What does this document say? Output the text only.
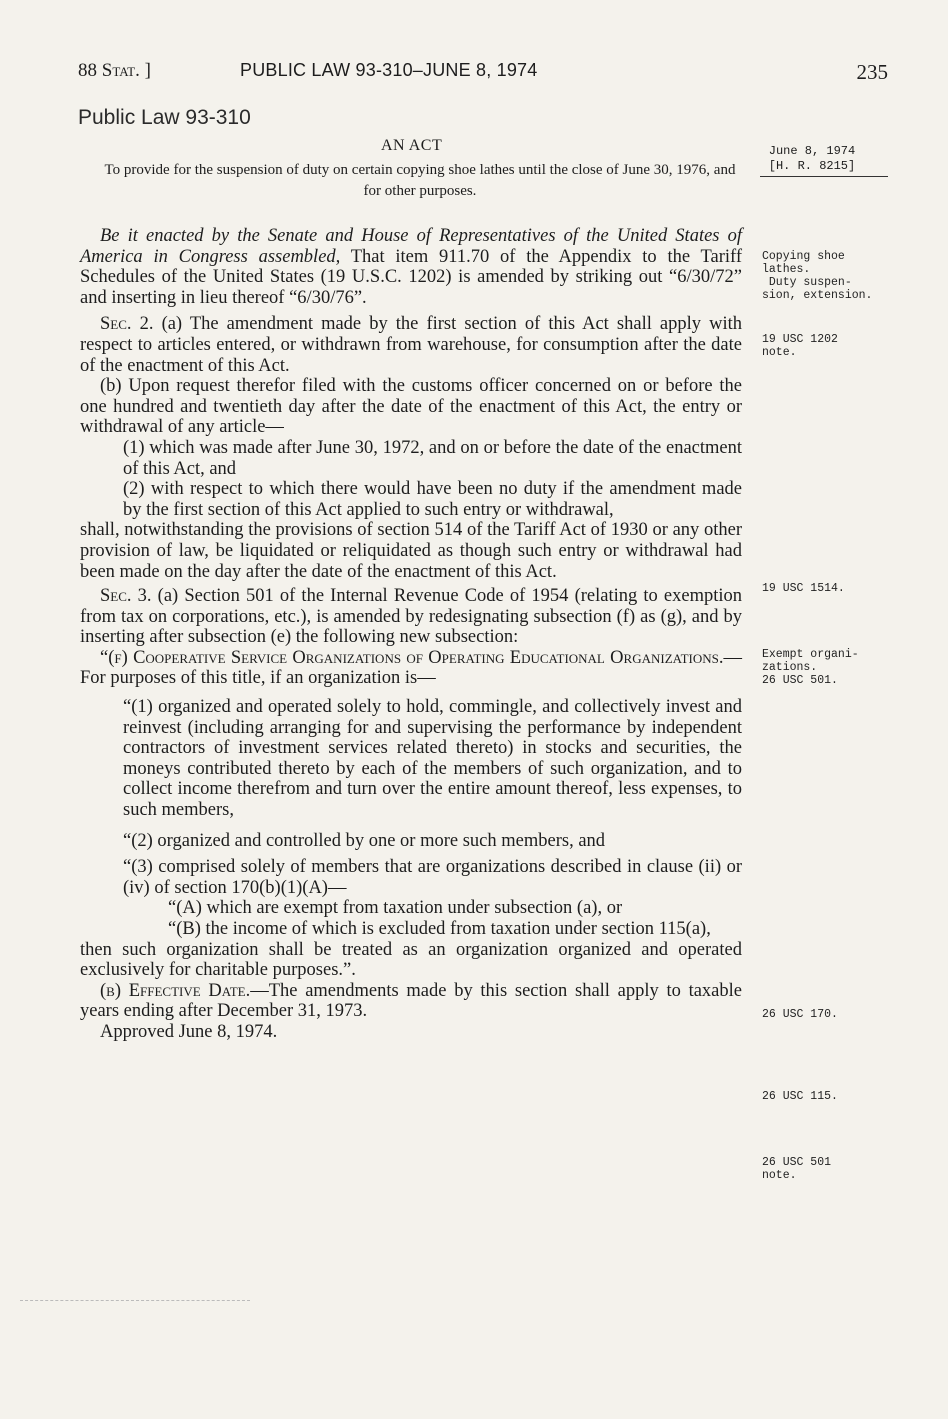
88 Stat. ]	PUBLIC LAW 93-310–JUNE 8, 1974	235
Public Law 93-310
AN ACT
To provide for the suspension of duty on certain copying shoe lathes until the close of June 30, 1976, and for other purposes.
June 8, 1974
[H. R. 8215]

Be it enacted by the Senate and House of Representatives of the United States of America in Congress assembled, That item 911.70 of the Appendix to the Tariff Schedules of the United States (19 U.S.C. 1202) is amended by striking out “6/30/72” and inserting in lieu thereof “6/30/76”.

Sec. 2. (a) The amendment made by the first section of this Act shall apply with respect to articles entered, or withdrawn from warehouse, for consumption after the date of the enactment of this Act.

(b) Upon request therefor filed with the customs officer concerned on or before the one hundred and twentieth day after the date of the enactment of this Act, the entry or withdrawal of any article—

(1) which was made after June 30, 1972, and on or before the date of the enactment of this Act, and

(2) with respect to which there would have been no duty if the amendment made by the first section of this Act applied to such entry or withdrawal,

shall, notwithstanding the provisions of section 514 of the Tariff Act of 1930 or any other provision of law, be liquidated or reliquidated as though such entry or withdrawal had been made on the day after the date of the enactment of this Act.

Sec. 3. (a) Section 501 of the Internal Revenue Code of 1954 (relating to exemption from tax on corporations, etc.), is amended by redesignating subsection (f) as (g), and by inserting after subsection (e) the following new subsection:

“(f) Cooperative Service Organizations of Operating Educational Organizations.—For purposes of this title, if an organization is—

“(1) organized and operated solely to hold, commingle, and collectively invest and reinvest (including arranging for and supervising the performance by independent contractors of investment services related thereto) in stocks and securities, the moneys contributed thereto by each of the members of such organization, and to collect income therefrom and turn over the entire amount thereof, less expenses, to such members,

“(2) organized and controlled by one or more such members, and

“(3) comprised solely of members that are organizations described in clause (ii) or (iv) of section 170(b)(1)(A)—

“(A) which are exempt from taxation under subsection (a), or

“(B) the income of which is excluded from taxation under section 115(a),

then such organization shall be treated as an organization organized and operated exclusively for charitable purposes.”.

(b) Effective Date.—The amendments made by this section shall apply to taxable years ending after December 31, 1973.

Approved June 8, 1974.

Copying shoe
lathes.
Duty suspen-
sion, extension.
19 USC 1202
note.
19 USC 1514.
Exempt organi-
zations.
26 USC 501.
26 USC 170.
26 USC 115.
26 USC 501
note.
